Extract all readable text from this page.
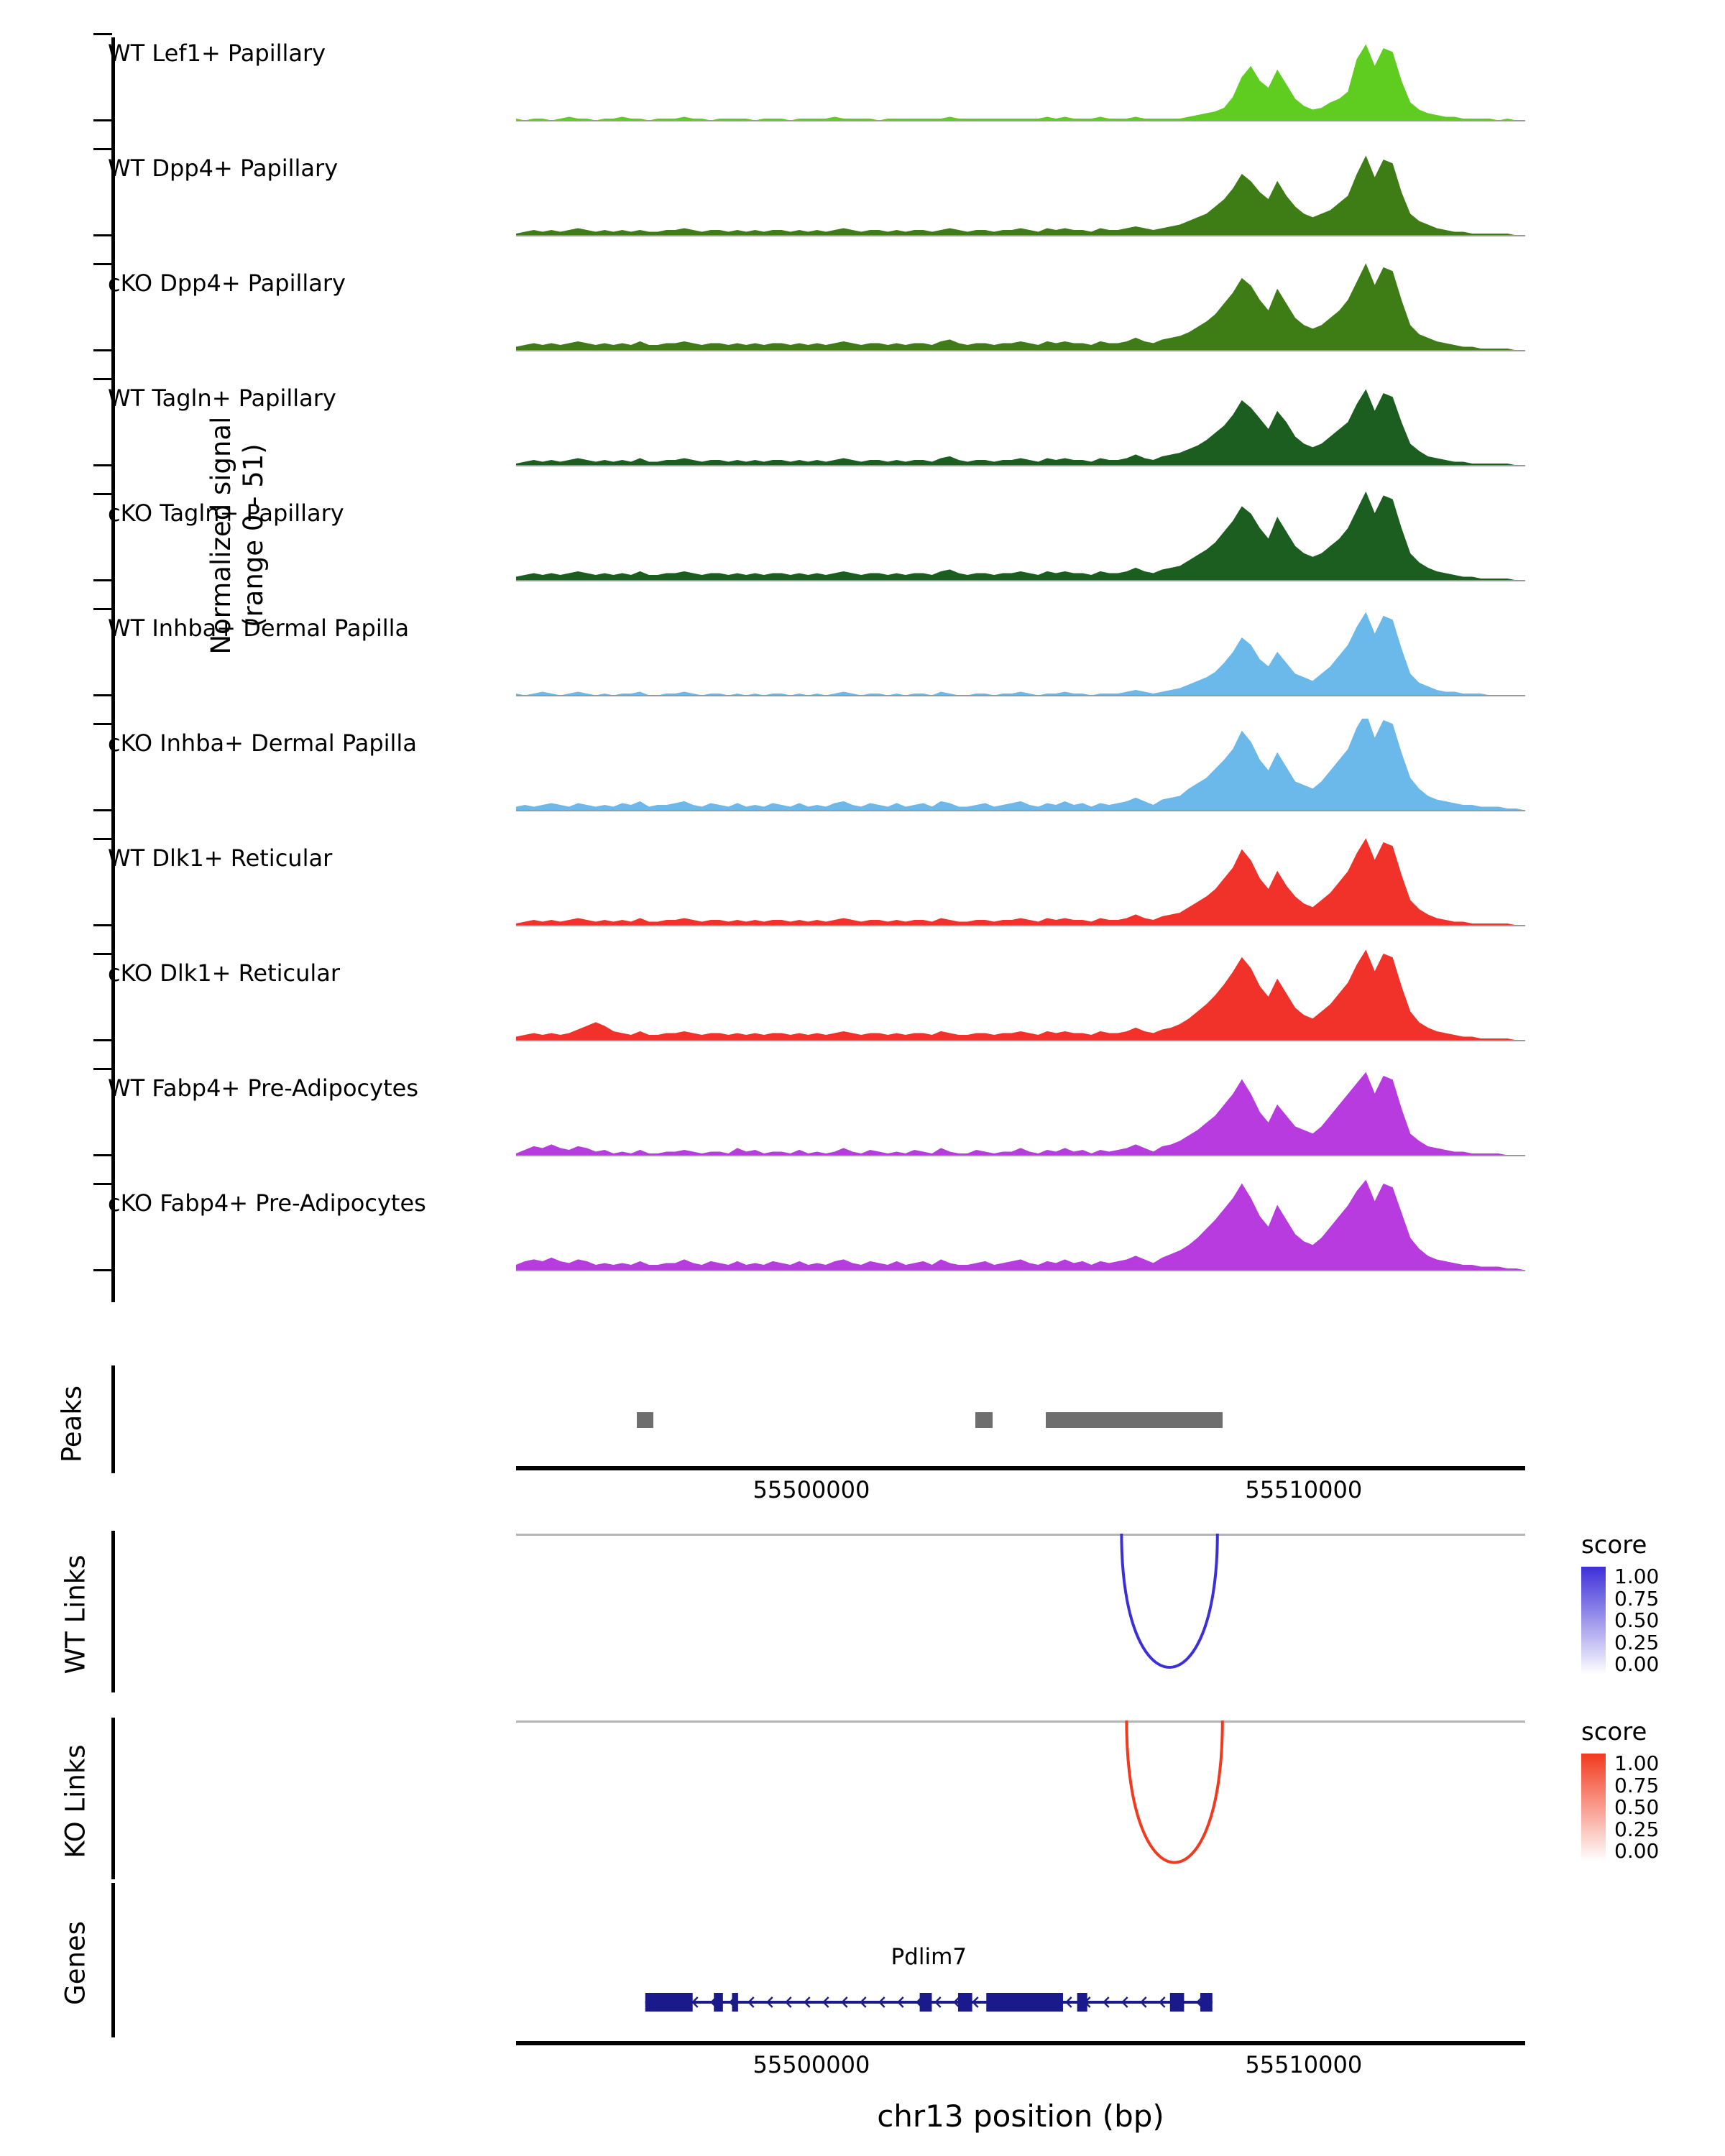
Normalized signal (range 0 - 51)
WT Lef1+ Papillary
WT Dpp4+ Papillary
cKO Dpp4+ Papillary
WT Tagln+ Papillary
cKO Tagln+ Papillary
WT Inhba+ Dermal Papilla
cKO Inhba+ Dermal Papilla
WT Dlk1+ Reticular
cKO Dlk1+ Reticular
WT Fabp4+ Pre-Adipocytes
cKO Fabp4+ Pre-Adipocytes
Peaks
55500000	55510000
WT Links
score
1.00
0.75
0.50
0.25
0.00
KO Links
score
1.00
0.75
0.50
0.25
0.00
Genes	Pdlim7
55500000	55510000
chr13 position (bp)
